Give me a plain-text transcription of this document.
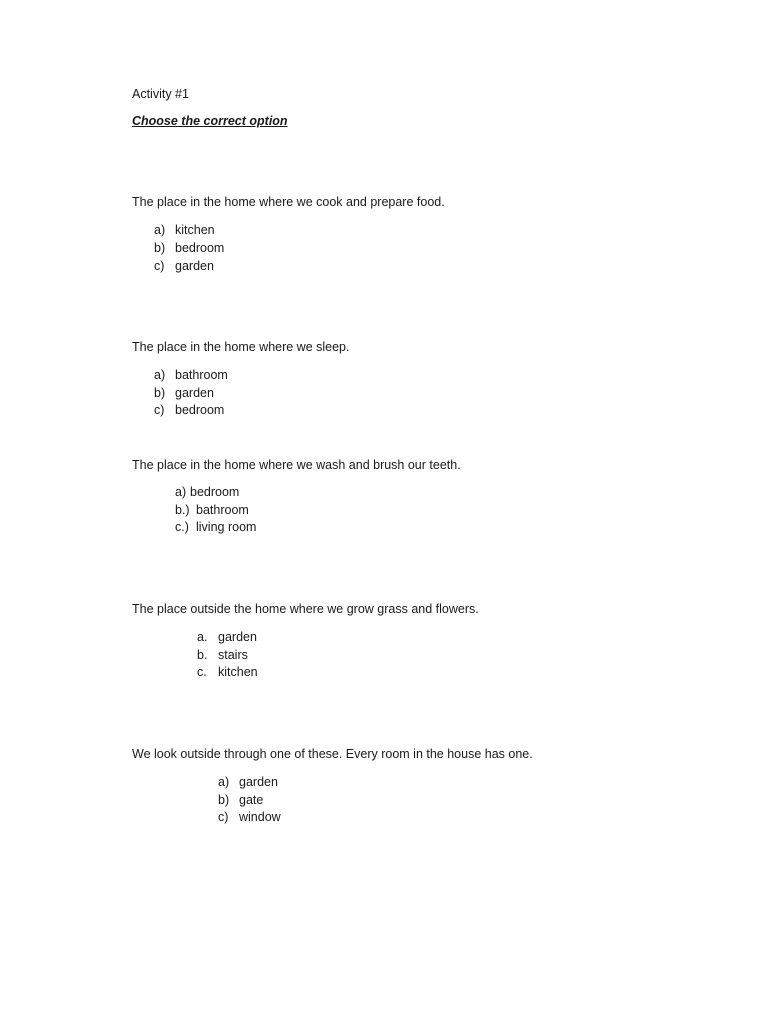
Activity #1
Choose the correct option
The place in the home where we cook and prepare food.
a) kitchen
b) bedroom
c) garden
The place in the home where we sleep.
a) bathroom
b) garden
c) bedroom
The place in the home where we wash and brush our teeth.
a) bedroom
b.) bathroom
c.) living room
The place outside the home where we grow grass and flowers.
a. garden
b. stairs
c. kitchen
We look outside through one of these. Every room in the house has one.
a) garden
b) gate
c) window
